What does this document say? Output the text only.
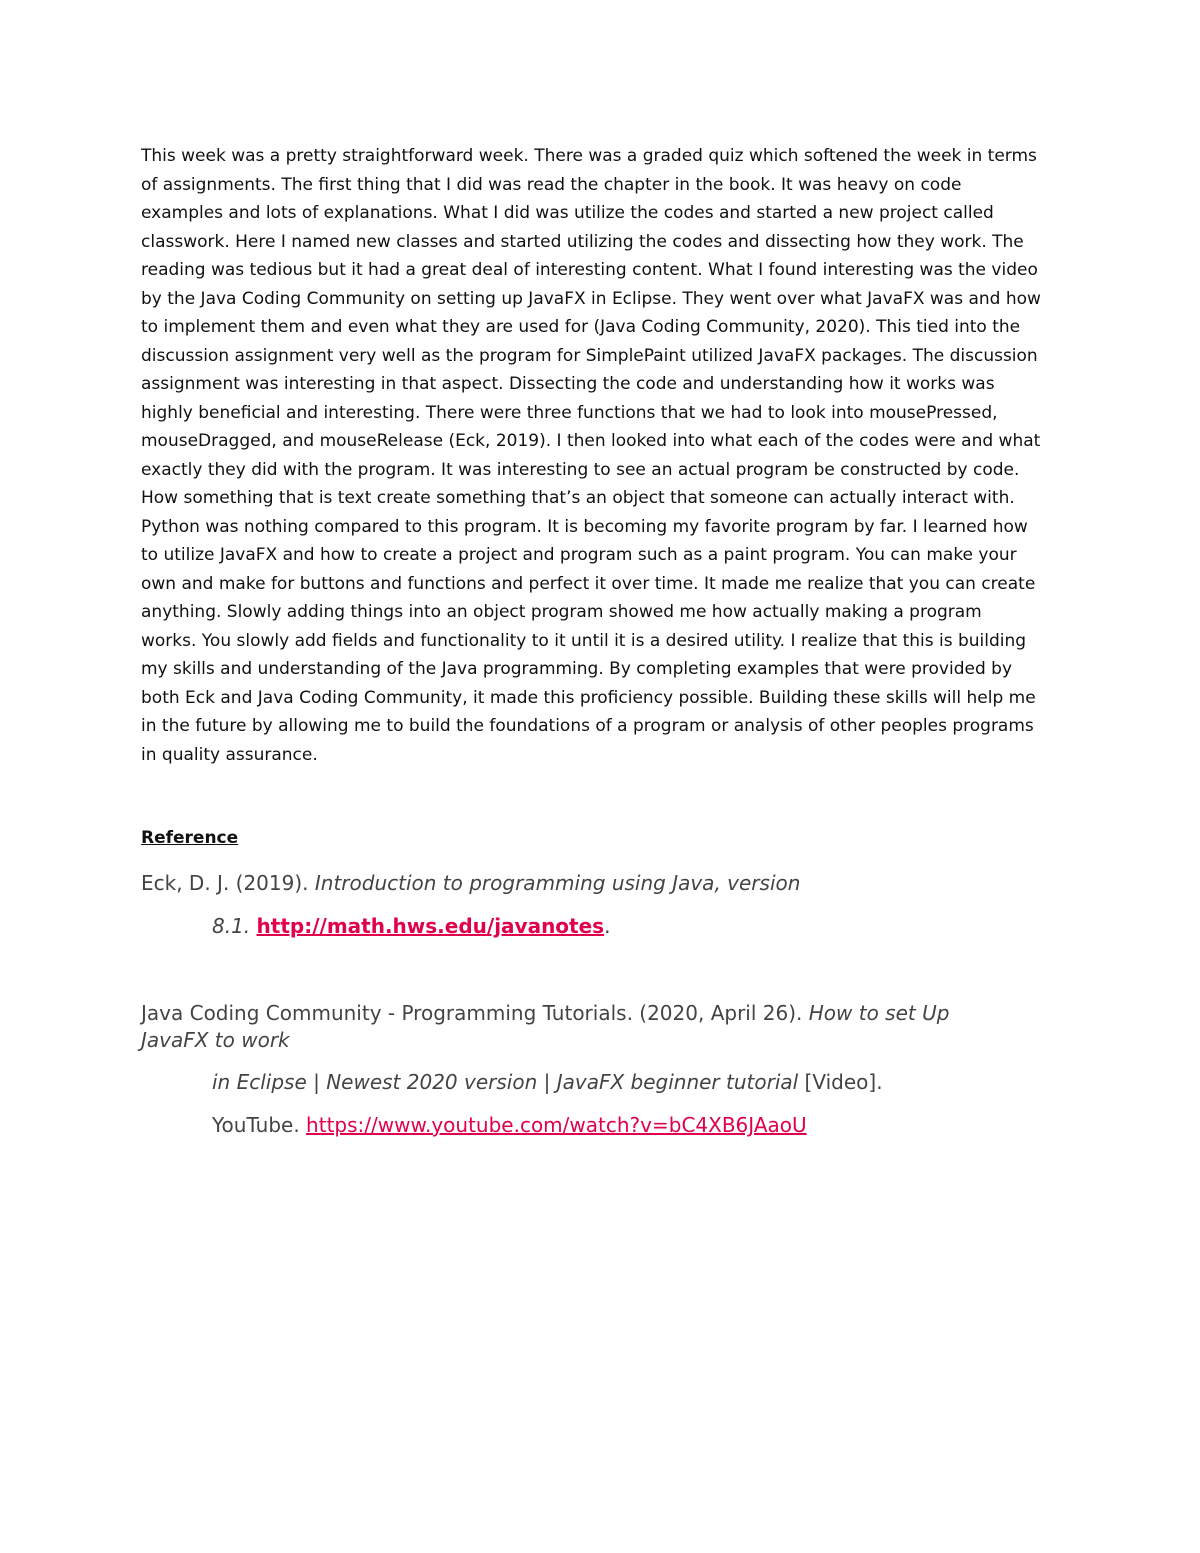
This week was a pretty straightforward week. There was a graded quiz which softened the week in terms
of assignments. The first thing that I did was read the chapter in the book. It was heavy on code
examples and lots of explanations. What I did was utilize the codes and started a new project called
classwork. Here I named new classes and started utilizing the codes and dissecting how they work. The
reading was tedious but it had a great deal of interesting content. What I found interesting was the video
by the Java Coding Community on setting up JavaFX in Eclipse. They went over what JavaFX was and how
to implement them and even what they are used for (Java Coding Community, 2020). This tied into the
discussion assignment very well as the program for SimplePaint utilized JavaFX packages. The discussion
assignment was interesting in that aspect. Dissecting the code and understanding how it works was
highly beneficial and interesting. There were three functions that we had to look into mousePressed,
mouseDragged, and mouseRelease (Eck, 2019). I then looked into what each of the codes were and what
exactly they did with the program. It was interesting to see an actual program be constructed by code.
How something that is text create something that’s an object that someone can actually interact with.
Python was nothing compared to this program. It is becoming my favorite program by far. I learned how
to utilize JavaFX and how to create a project and program such as a paint program. You can make your
own and make for buttons and functions and perfect it over time. It made me realize that you can create
anything. Slowly adding things into an object program showed me how actually making a program
works. You slowly add fields and functionality to it until it is a desired utility. I realize that this is building
my skills and understanding of the Java programming. By completing examples that were provided by
both Eck and Java Coding Community, it made this proficiency possible. Building these skills will help me
in the future by allowing me to build the foundations of a program or analysis of other peoples programs
in quality assurance.
Reference
Eck, D. J. (2019). Introduction to programming using Java, version
8.1. http://math.hws.edu/javanotes.
Java Coding Community - Programming Tutorials. (2020, April 26). How to set Up
JavaFX to work
in Eclipse | Newest 2020 version | JavaFX beginner tutorial [Video].
YouTube. https://www.youtube.com/watch?v=bC4XB6JAaoU
